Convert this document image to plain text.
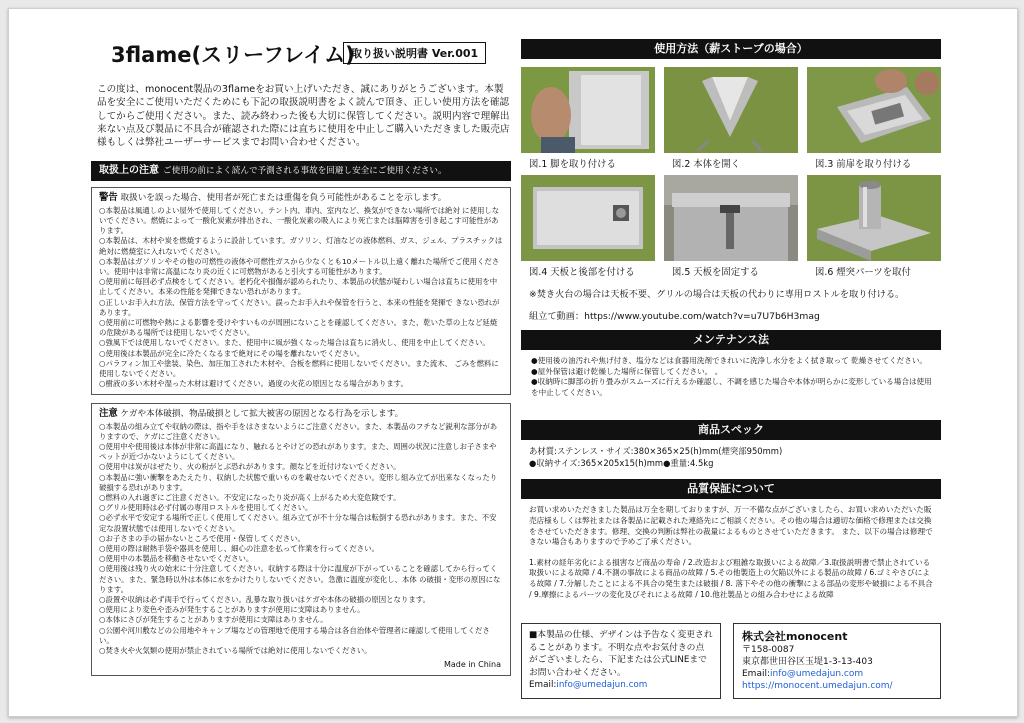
3flame(スリーフレイム)
取り扱い説明書 Ver.001
この度は、monocent製品の3flameをお買い上げいただき、誠にありがとうございます。本製品を安全にご使用いただくためにも下記の取扱説明書をよく読んで頂き、正しい使用方法を確認してからご使用ください。また、読み終わった後も大切に保管してください。説明内容で理解出来ない点及び製品に不具合が確認された際には直ちに使用を中止しご購入いただきました販売店 様もしくは弊社ユーザーサービスまでお問い合わせください。
取扱上の注意 ご使用の前によく読んで予測される事故を回避し安全にご使用ください。
警告 取扱いを誤った場合、使用者が死亡または重傷を負う可能性があることを示します。

○本製品は風通しのよい屋外で使用してください。テント内、車内、室内など、換気ができない場所では絶対 に使用しないでください。燃焼によって一酸化炭素が排出され、一酸化炭素の吸入により死亡または脳障害を引き起こす可能性があります。

○本製品は、木材や炭を燃焼するように設計しています。ガソリン、灯油などの液体燃料、ガス、ジェル、プラスチックは絶対に燃焼室に入れないでください。

○本製品はガソリンやその他の可燃性の液体や可燃性ガスから少なくとも10メートル以上遠く離れた場所でご使用ください。使用中は非常に高温になり炎の近くに可燃物があると引火する可能性があります。

○使用前に毎回必ず点検をしてください。老朽化や損傷が認められたり、本製品の状態が疑わしい場合は直ちに使用を中止してください。本来の性能を発揮できない恐れがあります。

○正しいお手入れ方法、保管方法を守ってください。誤ったお手入れや保管を行うと、本来の性能を発揮で きない恐れがあります。

○使用前に可燃物や熱による影響を受けやすいものが周囲にないことを確認してください。また、乾いた草の上など延焼の危険がある場所では使用しないでください。

○強風下では使用しないでください。また、使用中に風が強くなった場合は直ちに消火し、使用を中止してください。

○使用後は本製品が完全に冷たくなるまで絶対にその場を離れないでください。

○パラフィン加工や塗装、染色、加圧加工された木材や、合板を燃料に使用しないでください。また流木、 ごみを燃料に使用しないでください。

○樹液の多い木材や湿った木材は避けてください。過度の火花の原因となる場合があります。

注意 ケガや本体破損、物品破損として拡大被害の原因となる行為を示します。

○本製品の組み立てや収納の際は、指や手をはさまないようにご注意ください。また、本製品のフチなど鋭利な部分がありますので、ケガにご注意ください。

○使用中や使用後は本体が非常に高温になり、触れるとやけどの恐れがあります。また、周囲の状況に注意しお子さまやペットが近づかないようにしてください。

○使用中は炭がはぜたり、火の粉がとぶ恐れがあります。顔などを近付けないでください。

○本製品に強い衝撃をあたえたり、収納した状態で重いものを載せないでください。変形し組み立てが出来なくなったり破損する恐れがあります。

○燃料の入れ過ぎにご注意ください。不安定になったり炎が高く上がるため大変危険です。

○グリル使用時は必ず付属の専用ロストルを使用してください。

○必ず水平で安定する場所で正しく使用してください。組み立てが不十分な場合は転倒する恐れがあります。また、不安定な設置状態では使用しないでください。

○お子さまの手の届かないところで使用・保管してください。

○使用の際は耐熱手袋や器具を使用し、細心の注意を払って作業を行ってください。

○使用中の本製品を移動させないでください。

○使用後は残り火の始末に十分注意してください。収納する際は十分に温度が下がっていることを確認してから行ってください。また、緊急時以外は本体に水をかけたりしないでください。急激に温度が変化し、本体 の破損・変形の原因になります。

○設置や収納は必ず両手で行ってください。乱暴な取り扱いはケガや本体の破損の原因となります。

○使用により変色や歪みが発生することがありますが使用に支障はありません。

○本体にさびが発生することがありますが使用に支障はありません。

○公園や河川敷などの公用地やキャンプ場などの管理地で使用する場合は各自治体や管理者に確認して使用してください。

○焚き火や火気類の使用が禁止されている場所では絶対に使用しないでください。

Made in China
使用方法（薪ストーブの場合）
図.1 脚を取り付ける	図.2 本体を開く	図.3 前扉を取り付ける
図.4 天板と後部を付ける	図.5 天板を固定する	図.6 煙突パーツを取付
※焚き火台の場合は天板不要、グリルの場合は天板の代わりに専用ロストルを取り付ける。
組立て動画：https://www.youtube.com/watch?v=u7U7b6H3mag
メンテナンス法
●使用後の油汚れや焦げ付き、塩分などは食器用洗剤できれいに洗浄し水分をよく拭き取って 乾燥させてください。
●屋外保管は避け乾燥した場所に保管してください。 。
●収納時に脚部の折り畳みがスムーズに行えるか確認し、不調を感じた場合や本体が明らかに変形している場合は使用を中止してください。
商品スペック
あ材質:ステンレス・サイズ:380×365×25(h)mm(煙突部950mm)
●収納サイズ:365×205x15(h)mm●重量:4.5kg
品質保証について
お買い求めいただきました製品は万全を期しておりますが、万一不備な点がございましたら、お買い求めいただいた販売店様もしくは弊社または各製品に記載された連絡先にご相談ください。その他の場合は適切な価格で修理または交換をさせていただきます。修理、交換の判断は弊社の裁量によるものとさせていただきます。 また、以下の場合は修理できない場合もありますので予めご了承ください。
1.素材の経年劣化による損害など商品の寿命 / 2.改造および粗雑な取扱いによる故障／3.取扱説明書で禁止されている取扱いによる故障 / 4.不測の事故による商品の故障 / 5.その他製造上の欠陥以外による製品の故障 / 6.ゴミやさびによる故障 / 7.分解したことによる不具合の発生または破損 / 8. 落下やその他の衝撃による部品の変形や破損による不具合 / 9.摩擦によるパーツの変化及びそれによる故障 / 10.他社製品との組み合わせによる故障
■本製品の仕様、デザインは予告なく変更されることがあります。不明な点やお気付きの点がございましたら、下記または公式LINEまでお問い合わせください。
Email:info@umedajun.com
株式会社monocent
〒158-0087
東京都世田谷区玉堤1-3-13-403
Email:info@umedajun.com
https://monocent.umedajun.com/
